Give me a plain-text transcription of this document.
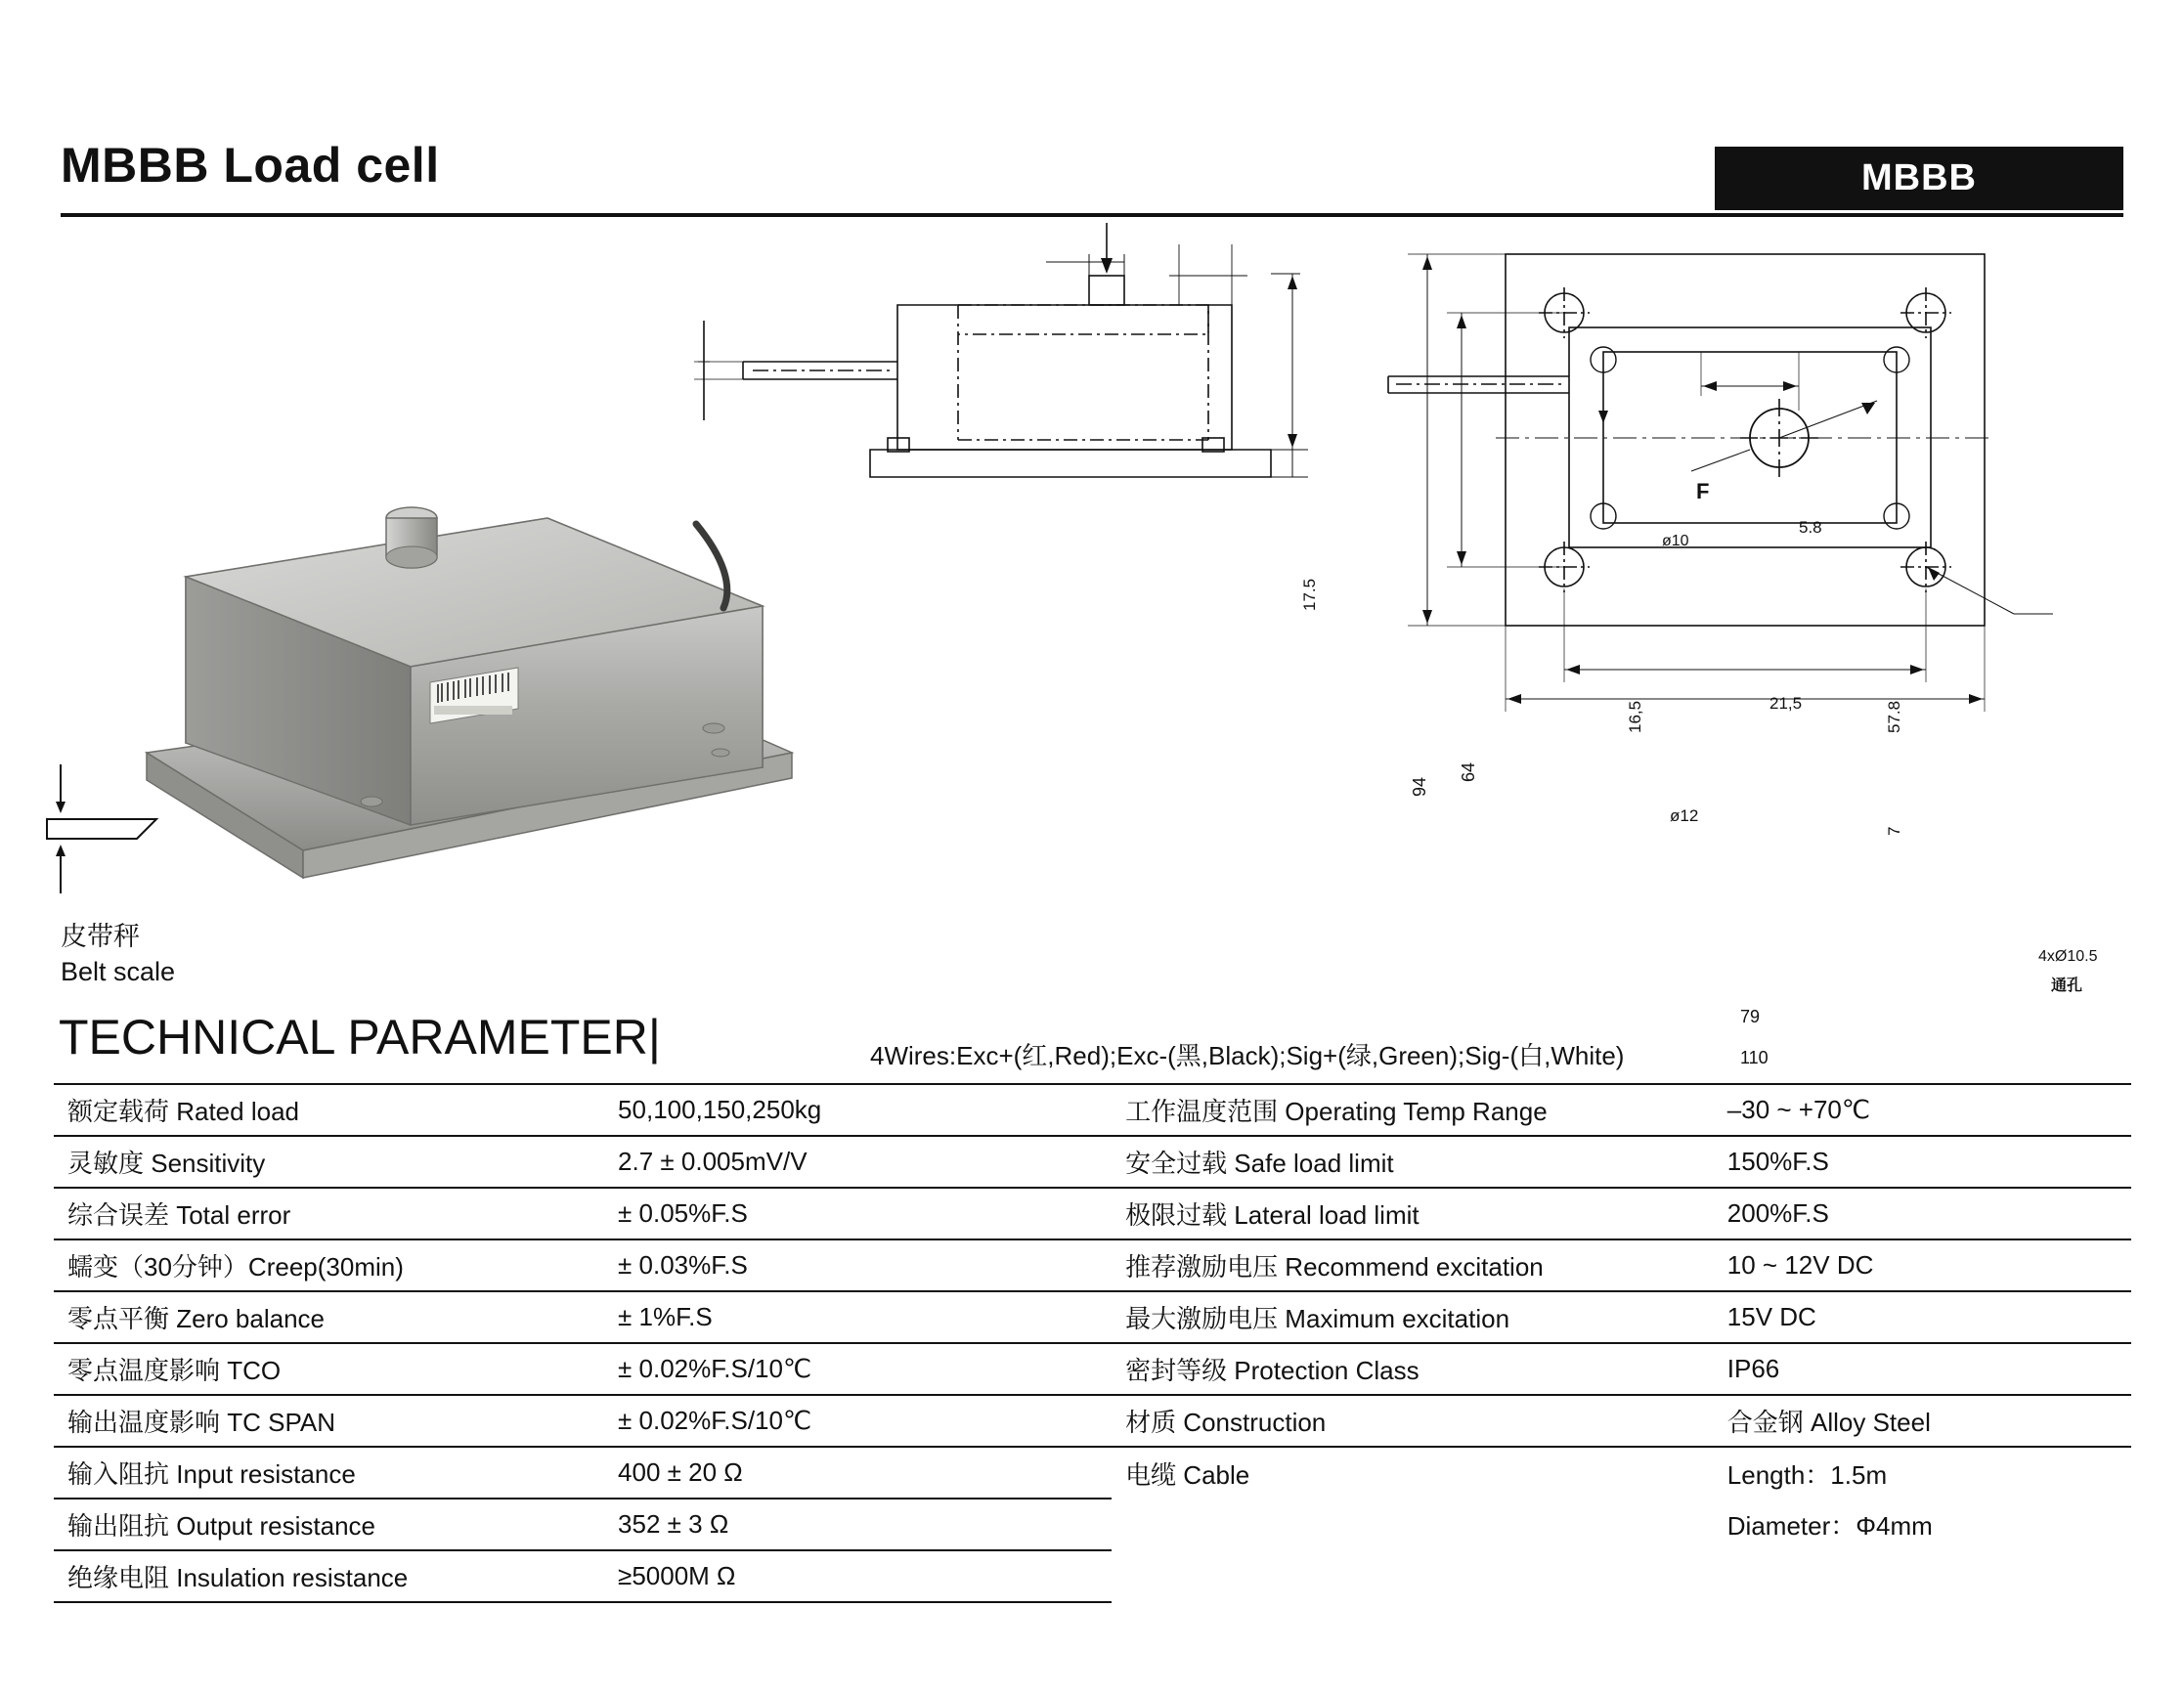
MBBB Load cell	MBBB
F
ø10
5.8
17.5
57.8
7
94
64
16,5	21,5
ø12
79
110
4xØ10.5
通孔
皮带秤
Belt scale
TECHNICAL PARAMETER|	4Wires:Exc+(红,Red);Exc-(黑,Black);Sig+(绿,Green);Sig-(白,White)
额定载荷 Rated load	50,100,150,250kg	工作温度范围 Operating Temp Range	–30 ~ +70℃
灵敏度 Sensitivity	2.7 ± 0.005mV/V	安全过载 Safe load limit	150%F.S
综合误差 Total error	± 0.05%F.S	极限过载 Lateral load limit	200%F.S
蠕变（30分钟）Creep(30min)	± 0.03%F.S	推荐激励电压 Recommend excitation	10 ~ 12V DC
零点平衡 Zero balance	± 1%F.S	最大激励电压 Maximum excitation	15V DC
零点温度影响 TCO	± 0.02%F.S/10℃	密封等级 Protection Class	IP66
输出温度影响 TC SPAN	± 0.02%F.S/10℃	材质 Construction	合金钢 Alloy Steel
输入阻抗 Input resistance	400 ± 20 Ω	电缆 Cable	Length：1.5m
输出阻抗 Output resistance	352 ± 3 Ω		Diameter：Φ4mm
绝缘电阻 Insulation resistance	≥5000M Ω		
